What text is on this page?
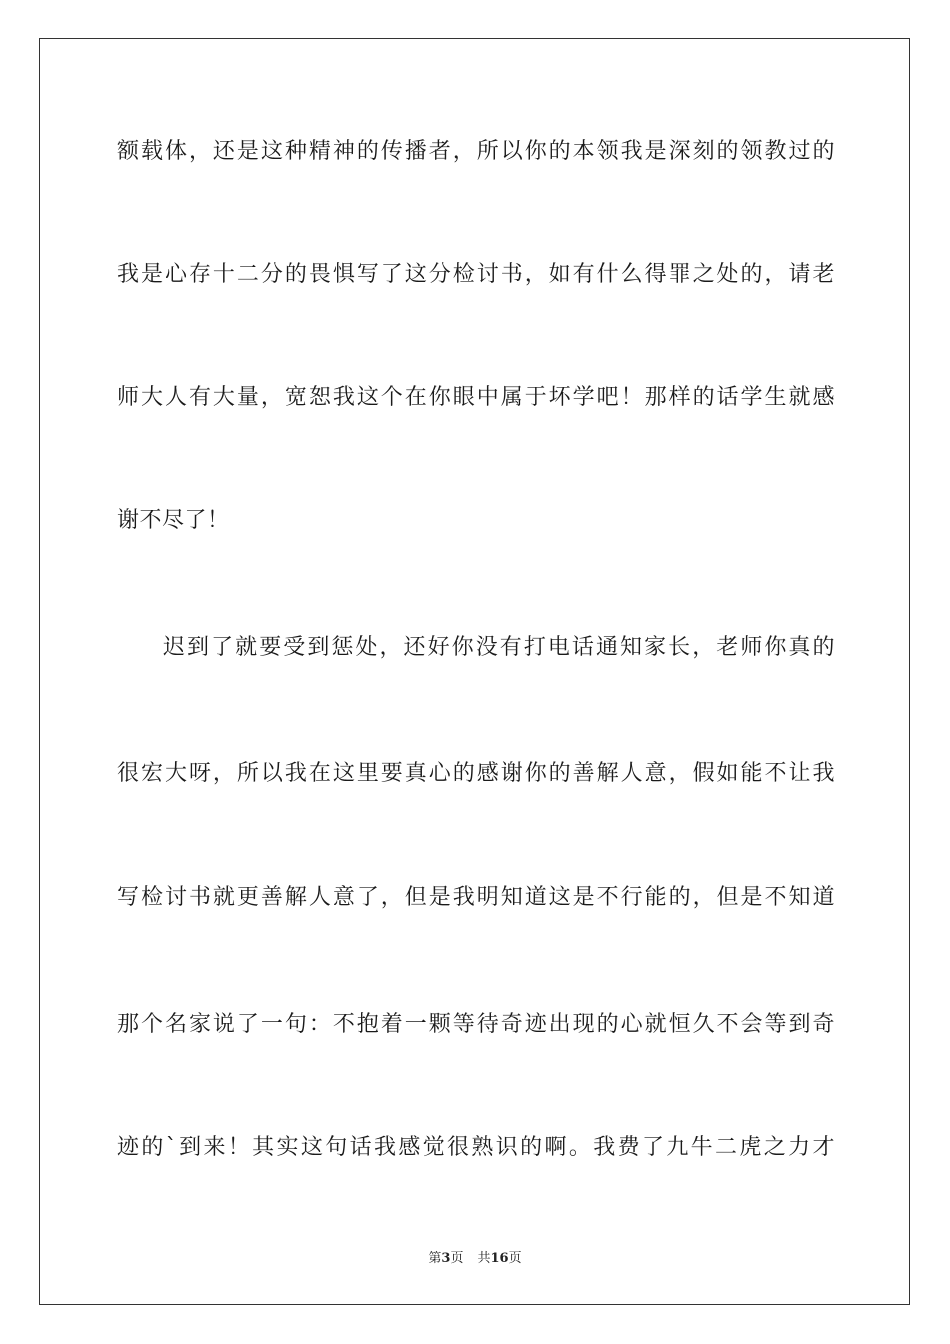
额载体，还是这种精神的传播者，所以你的本领我是深刻的领教过的
我是心存十二分的畏惧写了这分检讨书，如有什么得罪之处的，请老
师大人有大量，宽恕我这个在你眼中属于坏学吧！那样的话学生就感
谢不尽了！
迟到了就要受到惩处，还好你没有打电话通知家长，老师你真的
很宏大呀，所以我在这里要真心的感谢你的善解人意，假如能不让我
写检讨书就更善解人意了，但是我明知道这是不行能的，但是不知道
那个名家说了一句：不抱着一颗等待奇迹出现的心就恒久不会等到奇
迹的`到来！其实这句话我感觉很熟识的啊。我费了九牛二虎之力才
第3页 共16页
